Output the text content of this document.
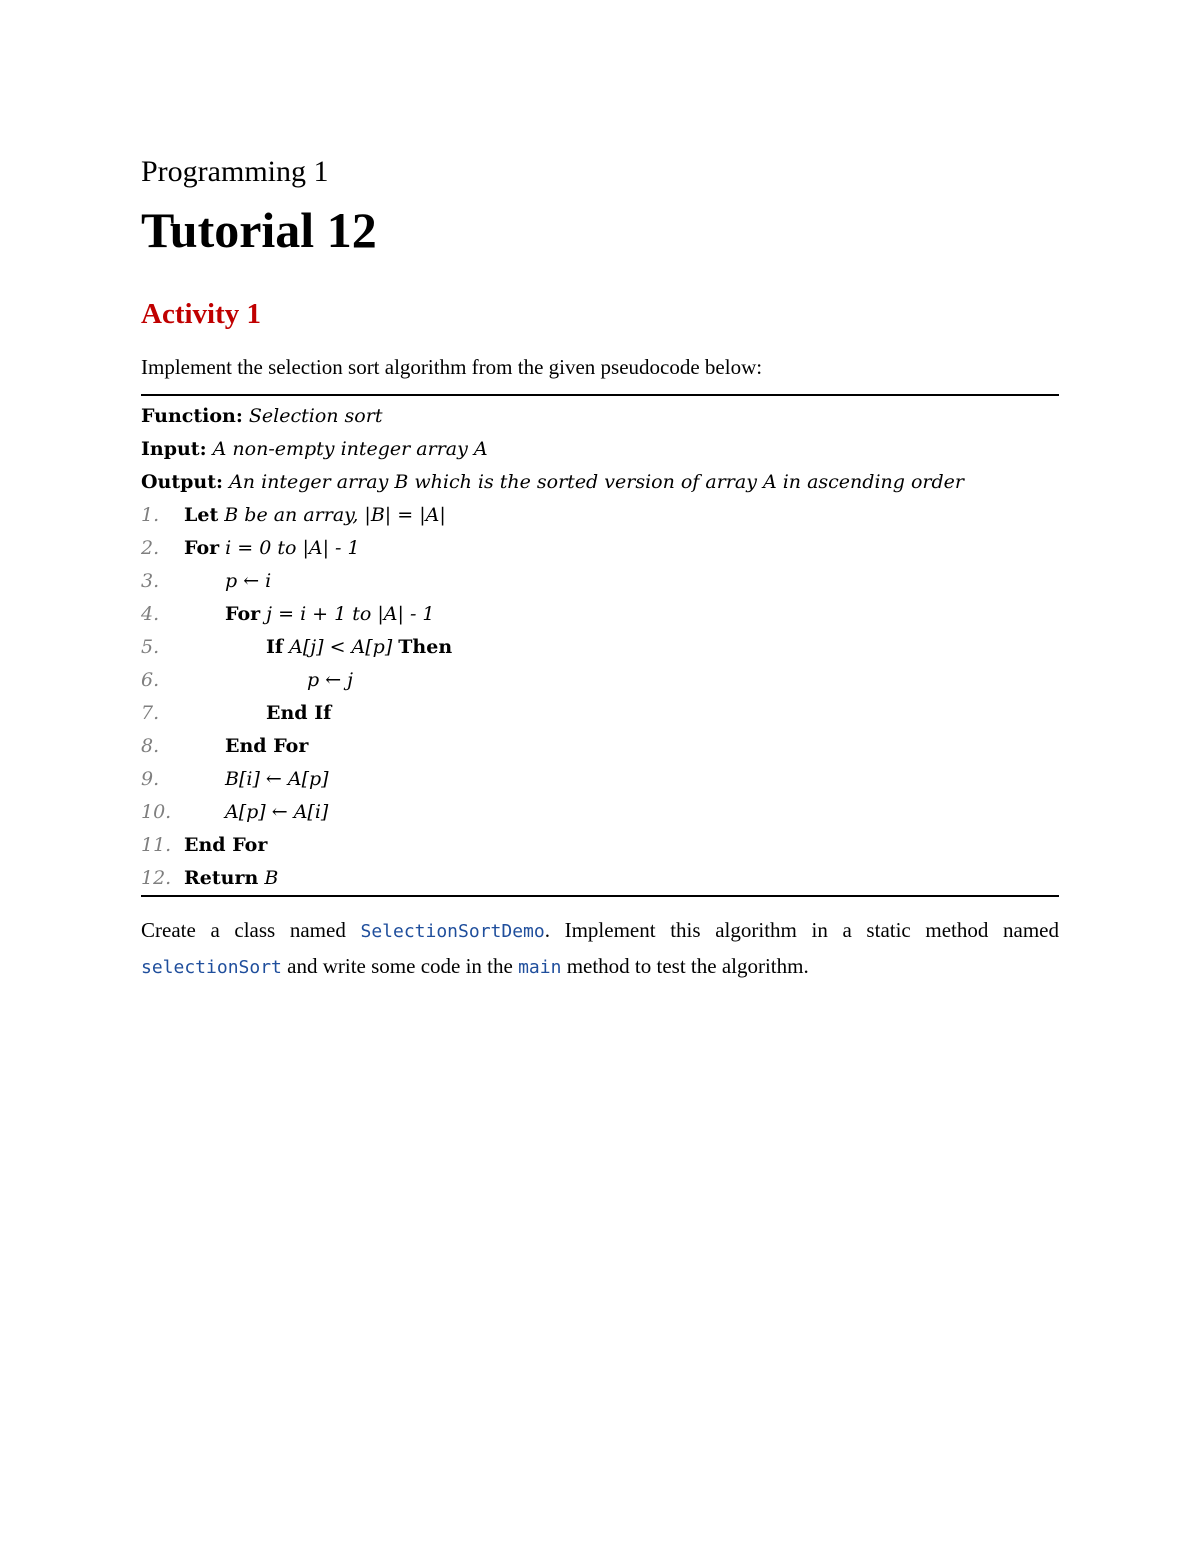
Programming 1
Tutorial 12
Activity 1

Implement the selection sort algorithm from the given pseudocode below:

Function: Selection sort
Input: A non-empty integer array A
Output: An integer array B which is the sorted version of array A in ascending order
1. Let B be an array, |B| = |A|
2. For i = 0 to |A| - 1
3.	p ← i
4.	For j = i + 1 to |A| - 1
5.	If A[j] < A[p] Then
6.	p ← j
7.	End If
8.	End For
9.	B[i] ← A[p]
10.	A[p] ← A[i]
11. End For
12. Return B

Create a class named SelectionSortDemo. Implement this algorithm in a static method named selectionSort and write some code in the main method to test the algorithm.
